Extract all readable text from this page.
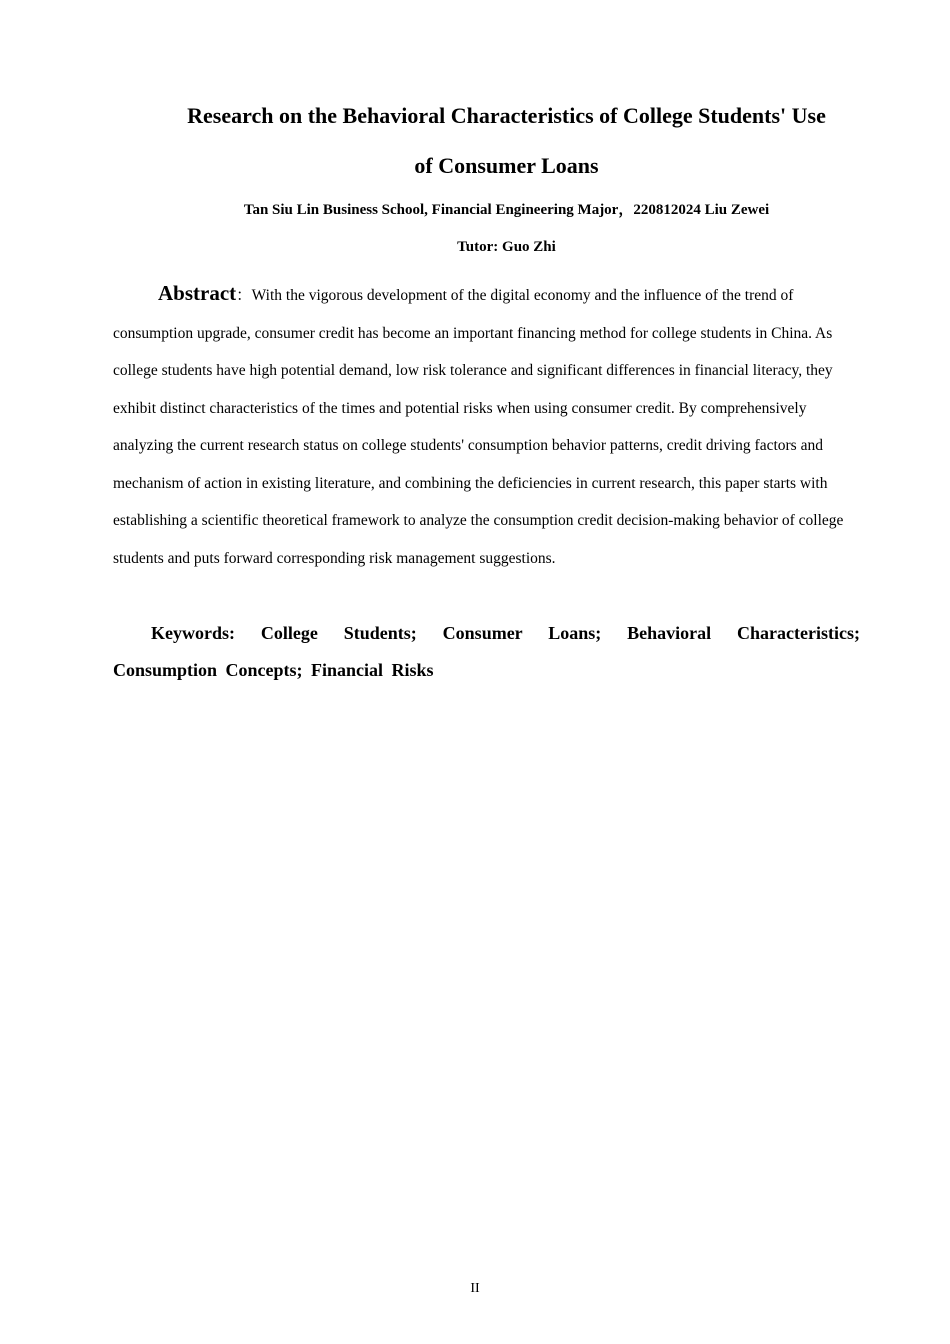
Research on the Behavioral Characteristics of College Students' Use
of Consumer Loans
Tan Siu Lin Business School, Financial Engineering Major，220812024 Liu Zewei
Tutor: Guo Zhi

Abstract：With the vigorous development of the digital economy and the influence of the trend of consumption upgrade, consumer credit has become an important financing method for college students in China. As college students have high potential demand, low risk tolerance and significant differences in financial literacy, they exhibit distinct characteristics of the times and potential risks when using consumer credit. By comprehensively analyzing the current research status on college students' consumption behavior patterns, credit driving factors and mechanism of action in existing literature, and combining the deficiencies in current research, this paper starts with establishing a scientific theoretical framework to analyze the consumption credit decision-making behavior of college students and puts forward corresponding risk management suggestions.

Keywords: College Students; Consumer Loans; Behavioral Characteristics; Consumption Concepts; Financial Risks

II
